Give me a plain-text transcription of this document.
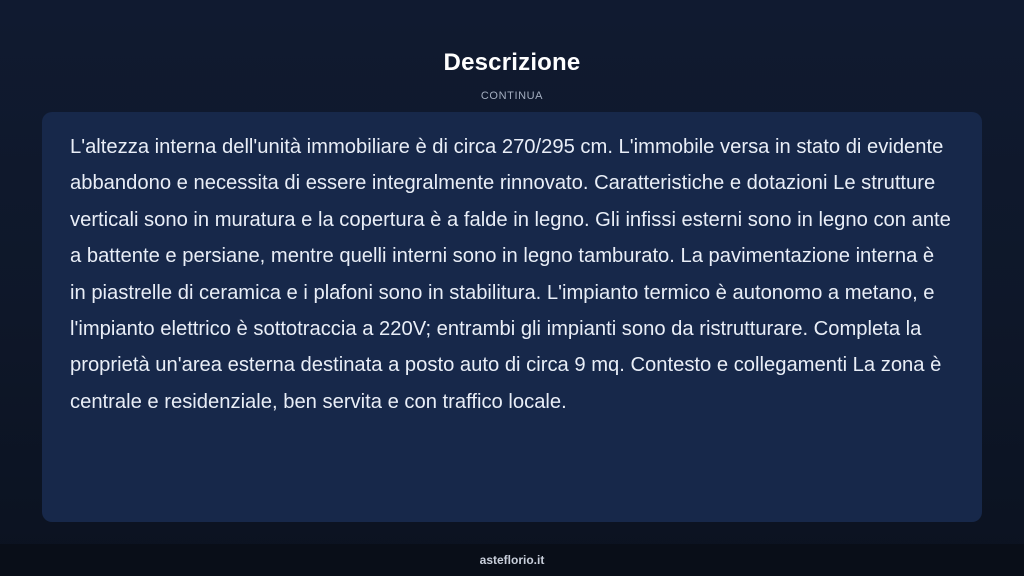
Descrizione
CONTINUA

L'altezza interna dell'unità immobiliare è di circa 270/295 cm. L'immobile versa in stato di evidente abbandono e necessita di essere integralmente rinnovato. Caratteristiche e dotazioni Le strutture verticali sono in muratura e la copertura è a falde in legno. Gli infissi esterni sono in legno con ante a battente e persiane, mentre quelli interni sono in legno tamburato. La pavimentazione interna è in piastrelle di ceramica e i plafoni sono in stabilitura. L'impianto termico è autonomo a metano, e l'impianto elettrico è sottotraccia a 220V; entrambi gli impianti sono da ristrutturare. Completa la proprietà un'area esterna destinata a posto auto di circa 9 mq. Contesto e collegamenti La zona è centrale e residenziale, ben servita e con traffico locale.

asteflorio.it
